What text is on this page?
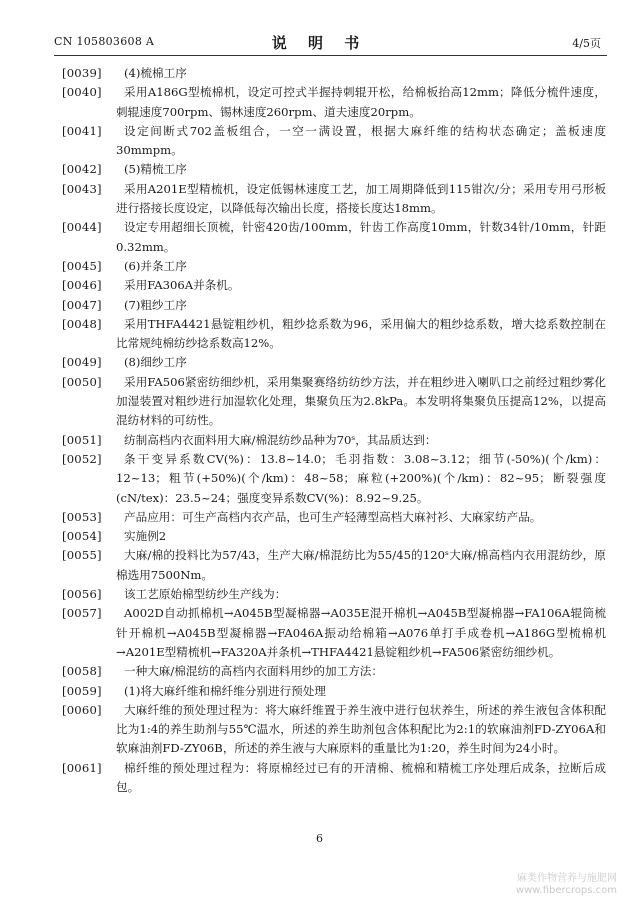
CN 105803608 A	说 明 书	4/5页
[0039]	(4)梳棉工序
[0040]	采用A186G型梳棉机，设定可控式半握持刺辊开松，给棉板抬高12mm；降低分梳件速度，刺辊速度700rpm、锡林速度260rpm、道夫速度20rpm。
[0041]	设定间断式702盖板组合，一空一满设置，根据大麻纤维的结构状态确定；盖板速度30mmpm。
[0042]	(5)精梳工序
[0043]	采用A201E型精梳机，设定低锡林速度工艺，加工周期降低到115钳次/分；采用专用弓形板进行搭接长度设定，以降低每次输出长度，搭接长度达18mm。
[0044]	设定专用超细长顶梳，针密420齿/100mm，针齿工作高度10mm，针数34针/10mm，针距0.32mm。
[0045]	(6)并条工序
[0046]	采用FA306A并条机。
[0047]	(7)粗纱工序
[0048]	采用THFA4421悬锭粗纱机，粗纱捻系数为96，采用偏大的粗纱捻系数，增大捻系数控制在比常规纯棉纺纱捻系数高12%。
[0049]	(8)细纱工序
[0050]	采用FA506紧密纺细纱机，采用集聚赛络纺纺纱方法，并在粗纱进入喇叭口之前经过粗纱雾化加湿装置对粗纱进行加湿软化处理，集聚负压为2.8kPa。本发明将集聚负压提高12%，以提高混纺材料的可纺性。
[0051]	纺制高档内衣面料用大麻/棉混纺纱品种为70ˢ，其品质达到：
[0052]	条干变异系数CV(%)：13.8~14.0；毛羽指数：3.08~3.12；细节(-50%)(个/km)：12~13；粗节(+50%)(个/km)：48~58；麻粒(+200%)(个/km)：82~95；断裂强度(cN/tex)：23.5~24；强度变异系数CV(%)：8.92~9.25。
[0053]	产品应用：可生产高档内衣产品，也可生产轻薄型高档大麻衬衫、大麻家纺产品。
[0054]	实施例2
[0055]	大麻/棉的投料比为57/43，生产大麻/棉混纺比为55/45的120ˢ大麻/棉高档内衣用混纺纱，原棉选用7500Nm。
[0056]	该工艺原始棉型纺纱生产线为：
[0057]	A002D自动抓棉机→A045B型凝棉器→A035E混开棉机→A045B型凝棉器→FA106A辊筒梳针开棉机→A045B型凝棉器→FA046A振动给棉箱→A076单打手成卷机→A186G型梳棉机→A201E型精梳机→FA320A并条机→THFA4421悬锭粗纱机→FA506紧密纺细纱机。
[0058]	一种大麻/棉混纺的高档内衣面料用纱的加工方法：
[0059]	(1)将大麻纤维和棉纤维分别进行预处理
[0060]	大麻纤维的预处理过程为：将大麻纤维置于养生液中进行包状养生，所述的养生液包含体积配比为1:4的养生助剂与55℃温水，所述的养生助剂包含体积配比为2:1的软麻油剂FD-ZY06A和软麻油剂FD-ZY06B，所述的养生液与大麻原料的重量比为1:20，养生时间为24小时。
[0061]	棉纤维的预处理过程为：将原棉经过已有的开清棉、梳棉和精梳工序处理后成条，拉断后成包。
6
麻类作物营养与施肥网
www.fibercrops.com
